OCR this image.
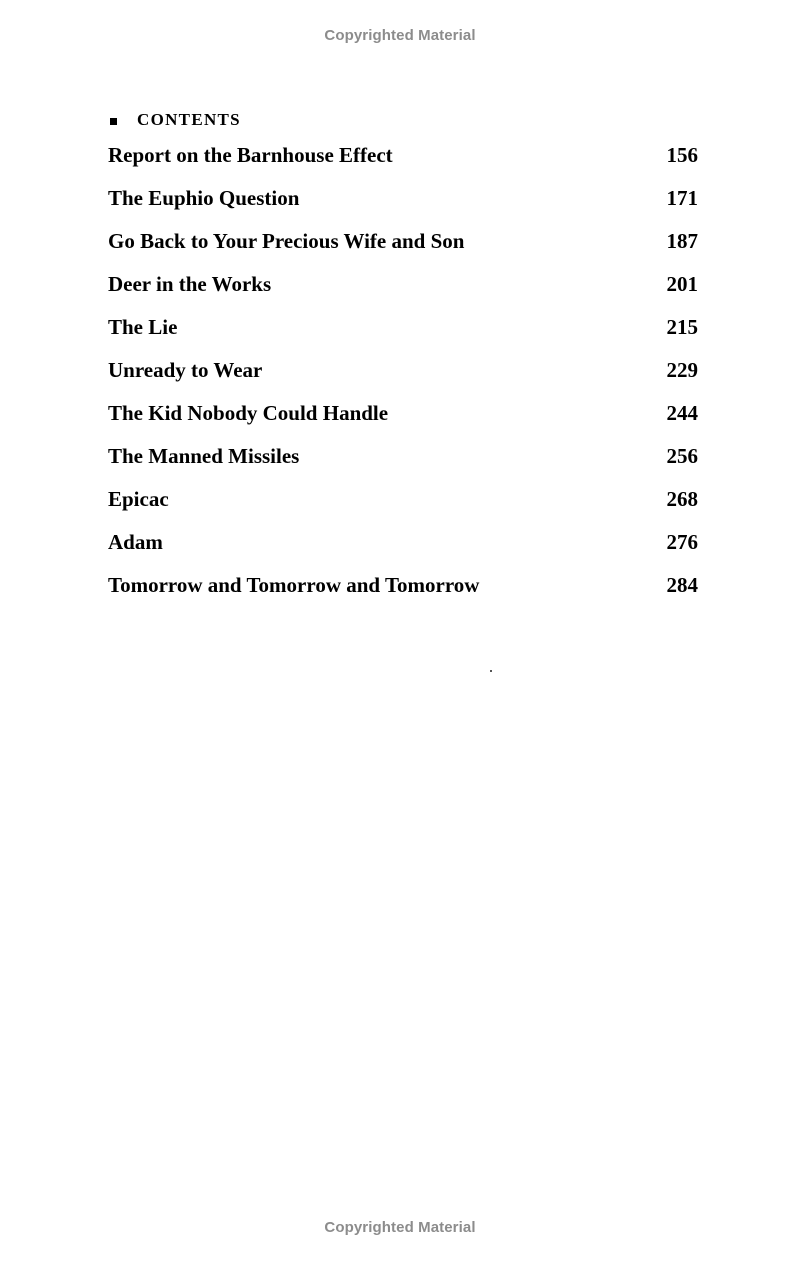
Copyrighted Material
CONTENTS
Report on the Barnhouse Effect	156
The Euphio Question	171
Go Back to Your Precious Wife and Son	187
Deer in the Works	201
The Lie	215
Unready to Wear	229
The Kid Nobody Could Handle	244
The Manned Missiles	256
Epicac	268
Adam	276
Tomorrow and Tomorrow and Tomorrow	284
Copyrighted Material
